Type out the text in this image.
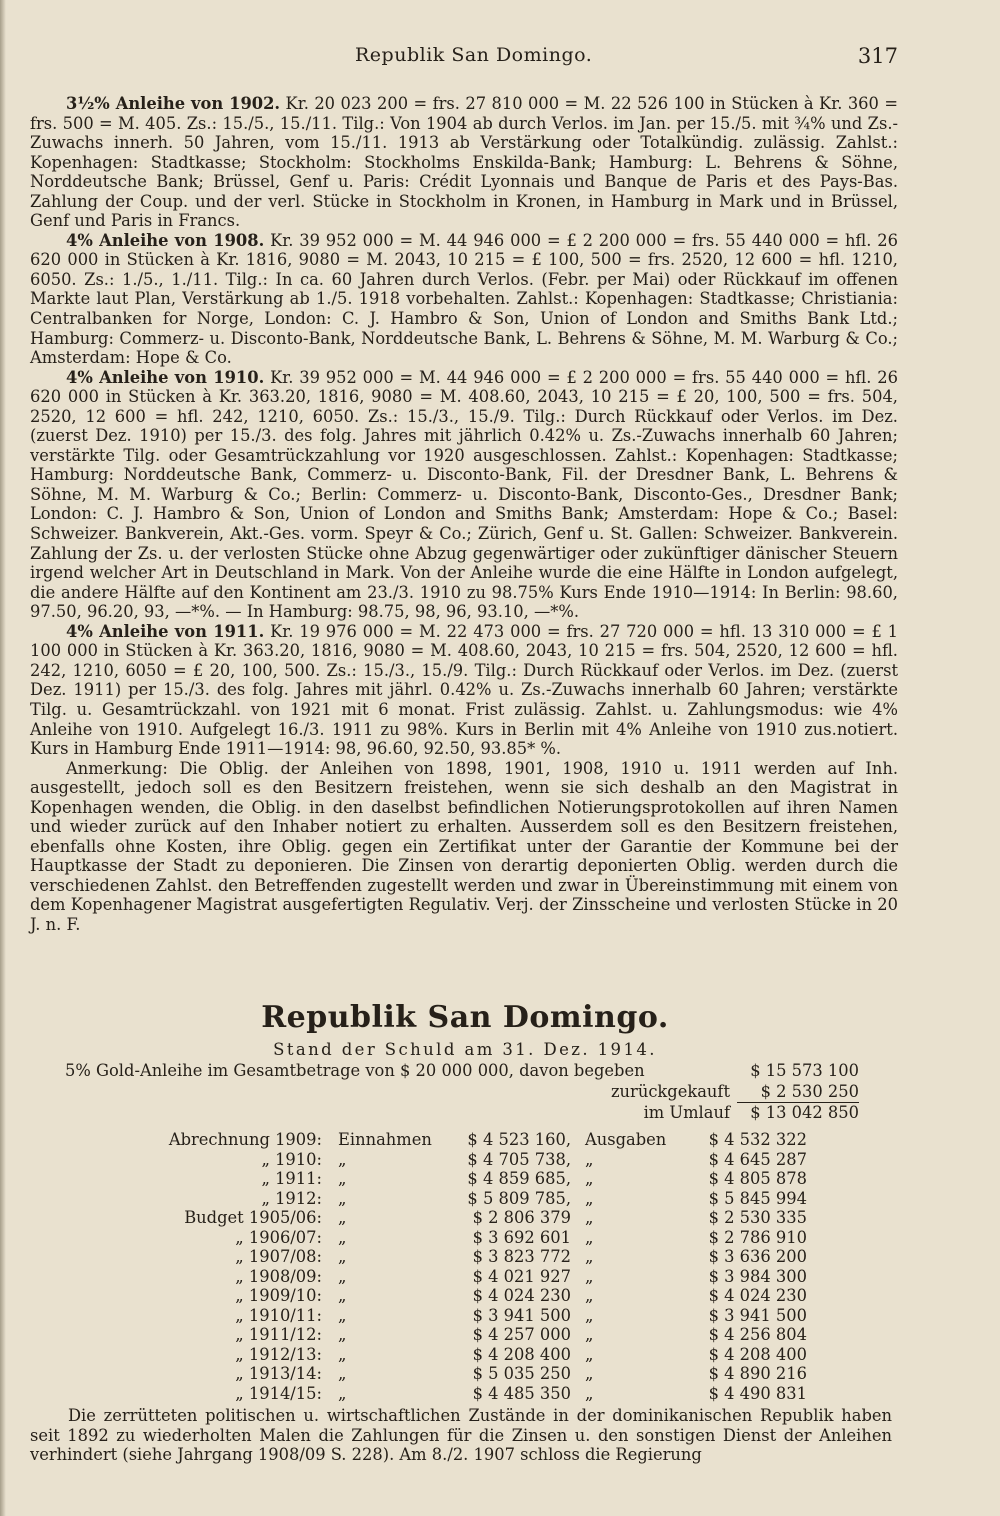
Republik San Domingo.	317

3½% Anleihe von 1902. Kr. 20 023 200 = frs. 27 810 000 = M. 22 526 100 in Stücken à Kr. 360 = frs. 500 = M. 405. Zs.: 15./5., 15./11. Tilg.: Von 1904 ab durch Verlos. im Jan. per 15./5. mit ¾% und Zs.-Zuwachs innerh. 50 Jahren, vom 15./11. 1913 ab Verstärkung oder Totalkündig. zulässig. Zahlst.: Kopenhagen: Stadtkasse; Stockholm: Stockholms Enskilda-Bank; Hamburg: L. Behrens & Söhne, Norddeutsche Bank; Brüssel, Genf u. Paris: Crédit Lyonnais und Banque de Paris et des Pays-Bas. Zahlung der Coup. und der verl. Stücke in Stockholm in Kronen, in Hamburg in Mark und in Brüssel, Genf und Paris in Francs.

4% Anleihe von 1908. Kr. 39 952 000 = M. 44 946 000 = £ 2 200 000 = frs. 55 440 000 = hfl. 26 620 000 in Stücken à Kr. 1816, 9080 = M. 2043, 10 215 = £ 100, 500 = frs. 2520, 12 600 = hfl. 1210, 6050. Zs.: 1./5., 1./11. Tilg.: In ca. 60 Jahren durch Verlos. (Febr. per Mai) oder Rückkauf im offenen Markte laut Plan, Verstärkung ab 1./5. 1918 vorbehalten. Zahlst.: Kopenhagen: Stadtkasse; Christiania: Centralbanken for Norge, London: C. J. Hambro & Son, Union of London and Smiths Bank Ltd.; Hamburg: Commerz- u. Disconto-Bank, Norddeutsche Bank, L. Behrens & Söhne, M. M. Warburg & Co.; Amsterdam: Hope & Co.

4% Anleihe von 1910. Kr. 39 952 000 = M. 44 946 000 = £ 2 200 000 = frs. 55 440 000 = hfl. 26 620 000 in Stücken à Kr. 363.20, 1816, 9080 = M. 408.60, 2043, 10 215 = £ 20, 100, 500 = frs. 504, 2520, 12 600 = hfl. 242, 1210, 6050. Zs.: 15./3., 15./9. Tilg.: Durch Rückkauf oder Verlos. im Dez. (zuerst Dez. 1910) per 15./3. des folg. Jahres mit jährlich 0.42% u. Zs.-Zuwachs innerhalb 60 Jahren; verstärkte Tilg. oder Gesamtrückzahlung vor 1920 ausgeschlossen. Zahlst.: Kopenhagen: Stadtkasse; Hamburg: Norddeutsche Bank, Commerz- u. Disconto-Bank, Fil. der Dresdner Bank, L. Behrens & Söhne, M. M. Warburg & Co.; Berlin: Commerz- u. Disconto-Bank, Disconto-Ges., Dresdner Bank; London: C. J. Hambro & Son, Union of London and Smiths Bank; Amsterdam: Hope & Co.; Basel: Schweizer. Bankverein, Akt.-Ges. vorm. Speyr & Co.; Zürich, Genf u. St. Gallen: Schweizer. Bankverein. Zahlung der Zs. u. der verlosten Stücke ohne Abzug gegenwärtiger oder zukünftiger dänischer Steuern irgend welcher Art in Deutschland in Mark. Von der Anleihe wurde die eine Hälfte in London aufgelegt, die andere Hälfte auf den Kontinent am 23./3. 1910 zu 98.75% Kurs Ende 1910—1914: In Berlin: 98.60, 97.50, 96.20, 93, —*%. — In Hamburg: 98.75, 98, 96, 93.10, —*%.

4% Anleihe von 1911. Kr. 19 976 000 = M. 22 473 000 = frs. 27 720 000 = hfl. 13 310 000 = £ 1 100 000 in Stücken à Kr. 363.20, 1816, 9080 = M. 408.60, 2043, 10 215 = frs. 504, 2520, 12 600 = hfl. 242, 1210, 6050 = £ 20, 100, 500. Zs.: 15./3., 15./9. Tilg.: Durch Rückkauf oder Verlos. im Dez. (zuerst Dez. 1911) per 15./3. des folg. Jahres mit jährl. 0.42% u. Zs.-Zuwachs innerhalb 60 Jahren; verstärkte Tilg. u. Gesamtrückzahl. von 1921 mit 6 monat. Frist zulässig. Zahlst. u. Zahlungsmodus: wie 4% Anleihe von 1910. Aufgelegt 16./3. 1911 zu 98%. Kurs in Berlin mit 4% Anleihe von 1910 zus.notiert. Kurs in Hamburg Ende 1911—1914: 98, 96.60, 92.50, 93.85* %.

Anmerkung: Die Oblig. der Anleihen von 1898, 1901, 1908, 1910 u. 1911 werden auf Inh. ausgestellt, jedoch soll es den Besitzern freistehen, wenn sie sich deshalb an den Magistrat in Kopenhagen wenden, die Oblig. in den daselbst befindlichen Notierungsprotokollen auf ihren Namen und wieder zurück auf den Inhaber notiert zu erhalten. Ausserdem soll es den Besitzern freistehen, ebenfalls ohne Kosten, ihre Oblig. gegen ein Zertifikat unter der Garantie der Kommune bei der Hauptkasse der Stadt zu deponieren. Die Zinsen von derartig deponierten Oblig. werden durch die verschiedenen Zahlst. den Betreffenden zugestellt werden und zwar in Übereinstimmung mit einem von dem Kopenhagener Magistrat ausgefertigten Regulativ. Verj. der Zinsscheine und verlosten Stücke in 20 J. n. F.

Republik San Domingo.
Stand der Schuld am 31. Dez. 1914.
5% Gold-Anleihe im Gesamtbetrage von $ 20 000 000, davon begeben	$ 15 573 100
zurückgekauft	$ 2 530 250
im Umlauf	$ 13 042 850
Abrechnung 1909:	Einnahmen	$ 4 523 160,	Ausgaben	$ 4 532 322
„ 1910:	„	$ 4 705 738,	„	$ 4 645 287
„ 1911:	„	$ 4 859 685,	„	$ 4 805 878
„ 1912:	„	$ 5 809 785,	„	$ 5 845 994
Budget 1905/06:	„	$ 2 806 379	„	$ 2 530 335
„ 1906/07:	„	$ 3 692 601	„	$ 2 786 910
„ 1907/08:	„	$ 3 823 772	„	$ 3 636 200
„ 1908/09:	„	$ 4 021 927	„	$ 3 984 300
„ 1909/10:	„	$ 4 024 230	„	$ 4 024 230
„ 1910/11:	„	$ 3 941 500	„	$ 3 941 500
„ 1911/12:	„	$ 4 257 000	„	$ 4 256 804
„ 1912/13:	„	$ 4 208 400	„	$ 4 208 400
„ 1913/14:	„	$ 5 035 250	„	$ 4 890 216
„ 1914/15:	„	$ 4 485 350	„	$ 4 490 831

Die zerrütteten politischen u. wirtschaftlichen Zustände in der dominikanischen Republik haben seit 1892 zu wiederholten Malen die Zahlungen für die Zinsen u. den sonstigen Dienst der Anleihen verhindert (siehe Jahrgang 1908/09 S. 228). Am 8./2. 1907 schloss die Regierung
